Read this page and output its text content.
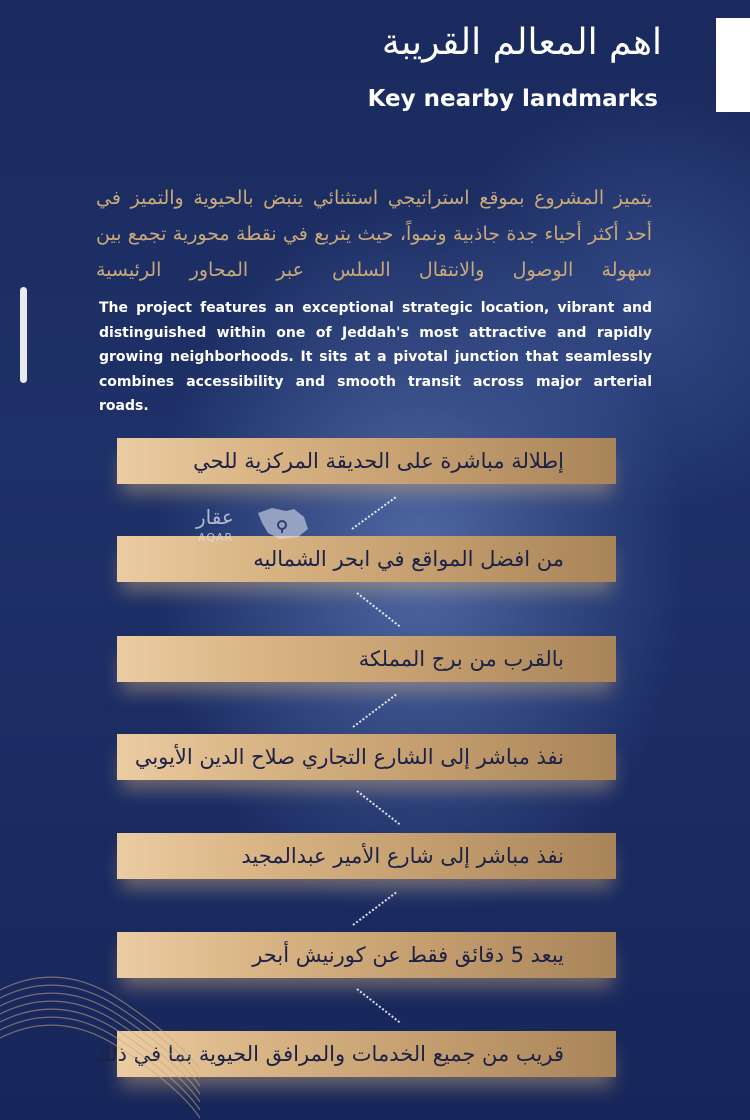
اهم المعالم القريبة
Key nearby landmarks
يتميز المشروع بموقع استراتيجي استثنائي ينبض بالحيوية والتميز في أحد أكثر أحياء جدة جاذبية ونمواً، حيث يتربع في نقطة محورية تجمع بين سهولة الوصول والانتقال السلس عبر المحاور الرئيسية
The project features an exceptional strategic location, vibrant and distinguished within one of Jeddah's most attractive and rapidly growing neighborhoods. It sits at a pivotal junction that seamlessly combines accessibility and smooth transit across major arterial roads.
إطلالة مباشرة على الحديقة المركزية للحي
من افضل المواقع في ابحر الشماليه
بالقرب من برج المملكة
نفذ مباشر إلى الشارع التجاري صلاح الدين الأيوبي
نفذ مباشر إلى شارع الأمير عبدالمجيد
يبعد 5 دقائق فقط عن كورنيش أبحر
قريب من جميع الخدمات والمرافق الحيوية بما في ذلك
عقار
AQAR
